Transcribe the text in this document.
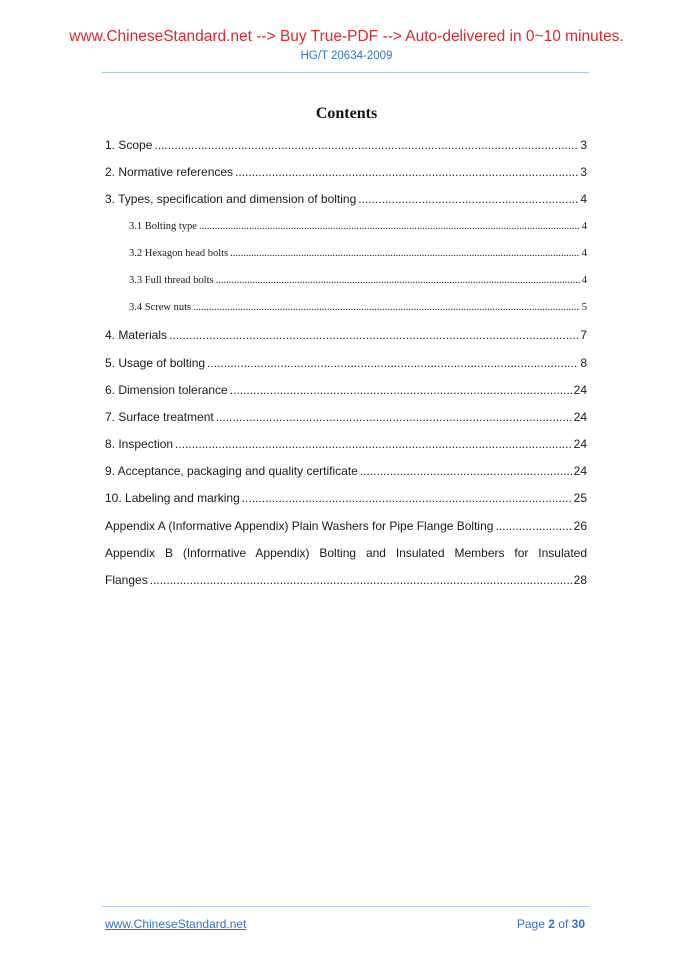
www.ChineseStandard.net --> Buy True-PDF --> Auto-delivered in 0~10 minutes.
HG/T 20634-2009
Contents
1. Scope .....	3
2. Normative references .....	3
3. Types, specification and dimension of bolting .....	4
3.1 Bolting type .....	4
3.2 Hexagon head bolts .....	4
3.3 Full thread bolts .....	4
3.4 Screw nuts .....	5
4. Materials .....	7
5. Usage of bolting .....	8
6. Dimension tolerance .....	24
7. Surface treatment .....	24
8. Inspection .....	24
9. Acceptance, packaging and quality certificate .....	24
10. Labeling and marking .....	25
Appendix A (Informative Appendix) Plain Washers for Pipe Flange Bolting .....	26
Appendix B (Informative Appendix) Bolting and Insulated Members for Insulated
Flanges .....	28
www.ChineseStandard.net	Page 2 of 30
